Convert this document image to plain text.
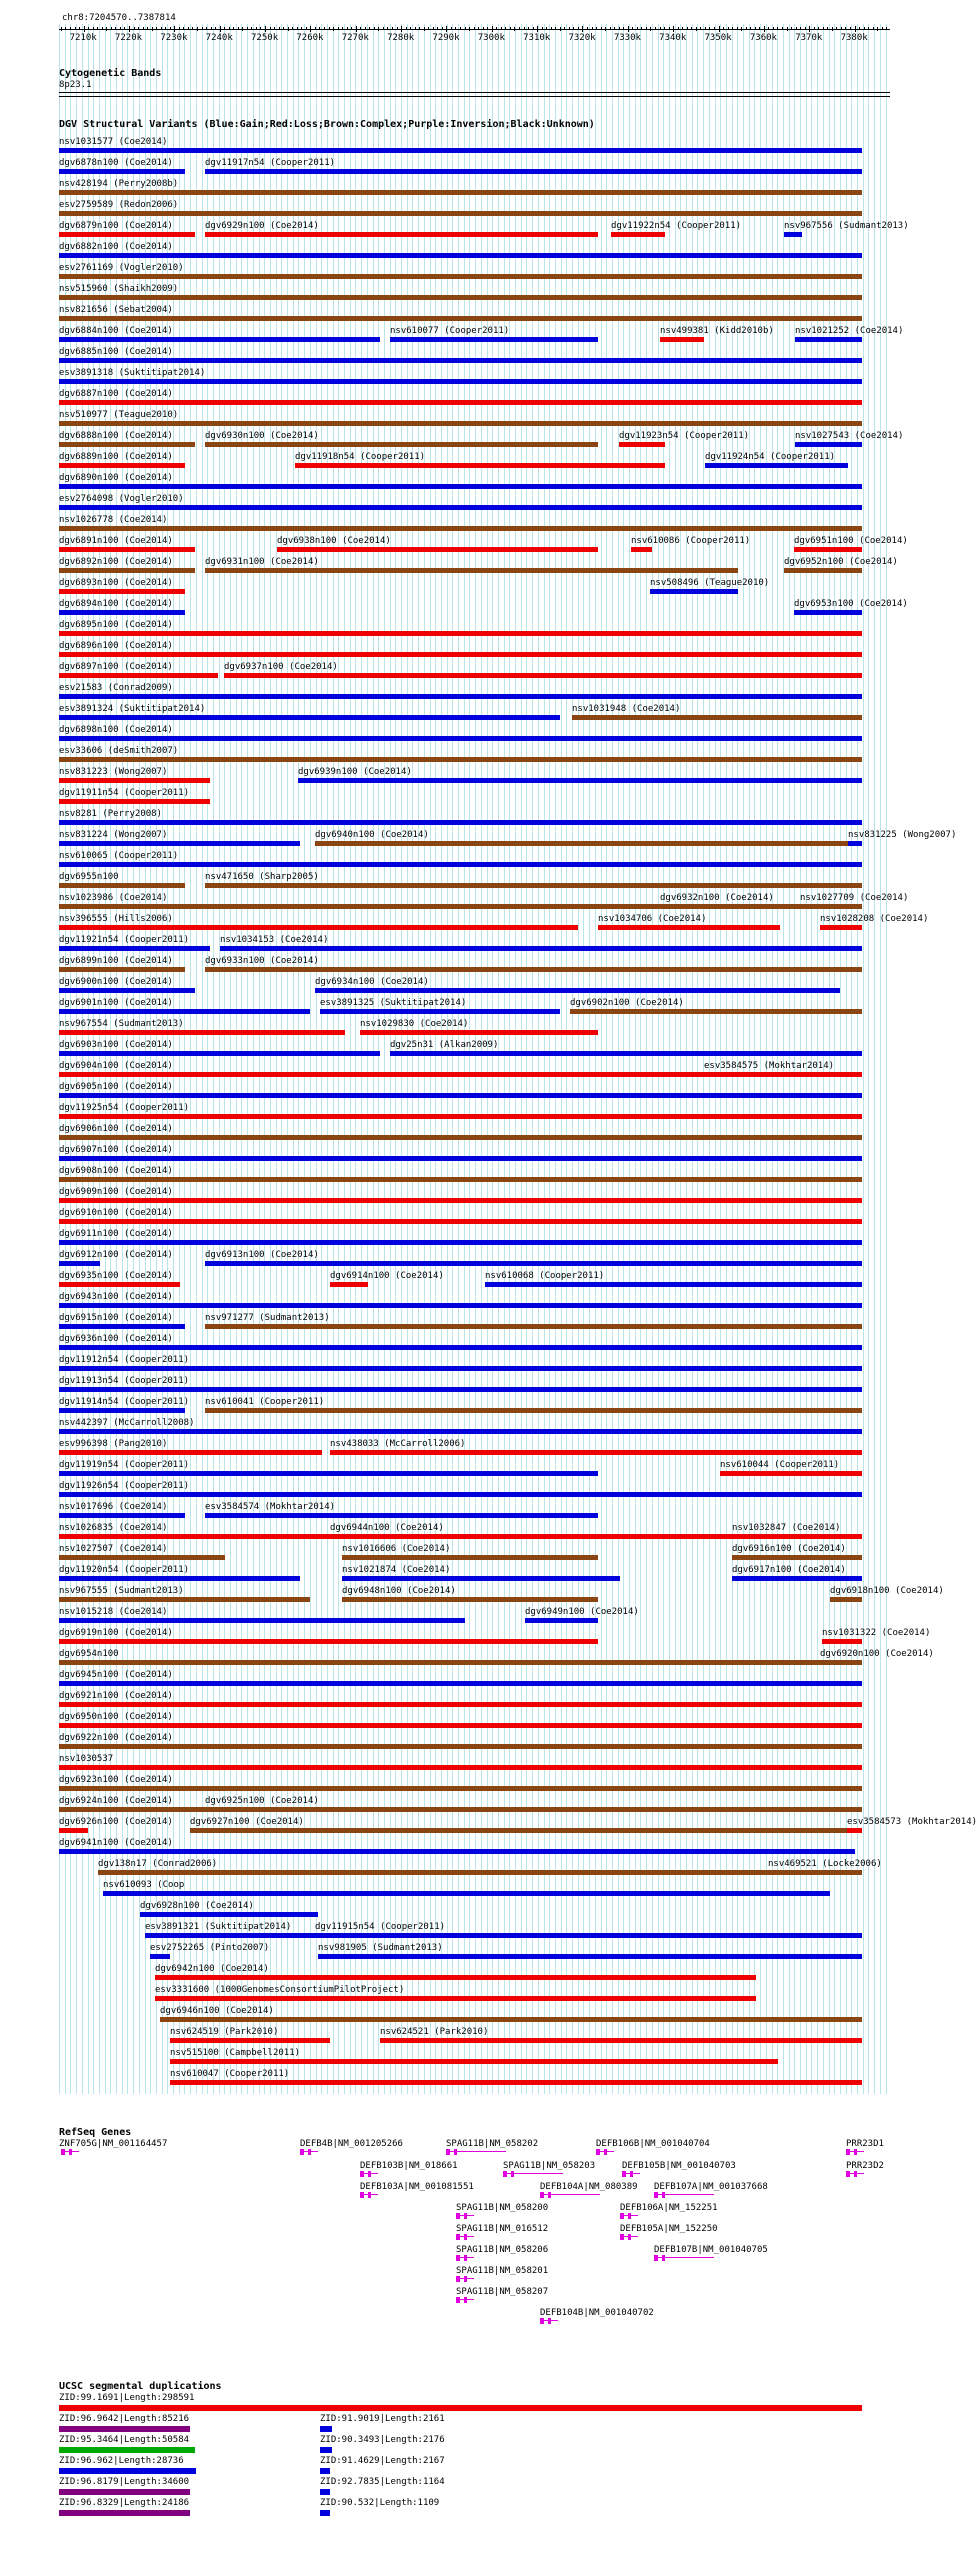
chr8:7204570..7387814
7210k 7220k 7230k 7240k 7250k 7260k 7270k 7280k 7290k 7300k 7310k 7320k 7330k 7340k 7350k 7360k 7370k 7380k
Cytogenetic Bands
8p23.1
DGV Structural Variants (Blue:Gain;Red:Loss;Brown:Complex;Purple:Inversion;Black:Unknown)
nsv1031577 (Coe2014)
dgv6878n100 (Coe2014)	dgv11917n54 (Cooper2011)
nsv428194 (Perry2008b)
esv2759589 (Redon2006)
dgv6879n100 (Coe2014)	dgv6929n100 (Coe2014)	dgv11922n54 (Cooper2011)	nsv967556 (Sudmant2013)
dgv6882n100 (Coe2014)
esv2761169 (Vogler2010)
nsv515960 (Shaikh2009)
nsv821656 (Sebat2004)
dgv6884n100 (Coe2014)	nsv610077 (Cooper2011)	nsv499381 (Kidd2010b) nsv1021252 (Coe2014)
dgv6885n100 (Coe2014)
esv3891318 (Suktitipat2014)
dgv6887n100 (Coe2014)
nsv510977 (Teague2010)
dgv6888n100 (Coe2014)	dgv6930n100 (Coe2014)	dgv11923n54 (Cooper2011)	nsv1027543 (Coe2014)
dgv6889n100 (Coe2014)	dgv11918n54 (Cooper2011)	dgv11924n54 (Cooper2011)
dgv6890n100 (Coe2014)
esv2764098 (Vogler2010)
nsv1026778 (Coe2014)
dgv6891n100 (Coe2014)	dgv6938n100 (Coe2014)	nsv610086 (Cooper2011)	dgv6951n100 (Coe2014)
dgv6892n100 (Coe2014)	dgv6931n100 (Coe2014)	dgv6952n100 (Coe2014)
dgv6893n100 (Coe2014)	nsv508496 (Teague2010)
dgv6894n100 (Coe2014)	dgv6953n100 (Coe2014)
dgv6895n100 (Coe2014)
dgv6896n100 (Coe2014)
dgv6897n100 (Coe2014)	dgv6937n100 (Coe2014)
esv21583 (Conrad2009)
esv3891324 (Suktitipat2014)	nsv1031948 (Coe2014)
dgv6898n100 (Coe2014)
esv33606 (deSmith2007)
nsv831223 (Wong2007)	dgv6939n100 (Coe2014)
dgv11911n54 (Cooper2011)
nsv8281 (Perry2008)
nsv831224 (Wong2007)	dgv6940n100 (Coe2014)	nsv831225 (Wong2007)
nsv610065 (Cooper2011)
dgv6955n100	nsv471650 (Sharp2005)
nsv1023986 (Coe2014)	dgv6932n100 (Coe2014)	nsv1027709 (Coe2014)
nsv396555 (Hills2006)	nsv1034706 (Coe2014)	nsv1028208 (Coe2014)
dgv11921n54 (Cooper2011)	nsv1034153 (Coe2014)
dgv6899n100 (Coe2014)	dgv6933n100 (Coe2014)
dgv6900n100 (Coe2014)	dgv6934n100 (Coe2014)
dgv6901n100 (Coe2014)	esv3891325 (Suktitipat2014)	dgv6902n100 (Coe2014)
nsv967554 (Sudmant2013)	nsv1029830 (Coe2014)
dgv6903n100 (Coe2014)	dgv25n31 (Alkan2009)
dgv6904n100 (Coe2014)	esv3584575 (Mokhtar2014)
dgv6905n100 (Coe2014)
dgv11925n54 (Cooper2011)
dgv6906n100 (Coe2014)
dgv6907n100 (Coe2014)
dgv6908n100 (Coe2014)
dgv6909n100 (Coe2014)
dgv6910n100 (Coe2014)
dgv6911n100 (Coe2014)
dgv6912n100 (Coe2014)	dgv6913n100 (Coe2014)
dgv6935n100 (Coe2014)	dgv6914n100 (Coe2014)	nsv610068 (Cooper2011)
dgv6943n100 (Coe2014)
dgv6915n100 (Coe2014)	nsv971277 (Sudmant2013)
dgv6936n100 (Coe2014)
dgv11912n54 (Cooper2011)
dgv11913n54 (Cooper2011)
dgv11914n54 (Cooper2011) nsv610041 (Cooper2011)
nsv442397 (McCarroll2008)
esv996398 (Pang2010)	nsv438033 (McCarroll2006)
dgv11919n54 (Cooper2011)	nsv610044 (Cooper2011)
dgv11926n54 (Cooper2011)
nsv1017696 (Coe2014)	esv3584574 (Mokhtar2014)
nsv1026835 (Coe2014)	dgv6944n100 (Coe2014)	nsv1032847 (Coe2014)
nsv1027507 (Coe2014)	nsv1016606 (Coe2014)	dgv6916n100 (Coe2014)
dgv11920n54 (Cooper2011)	nsv1021874 (Coe2014)	dgv6917n100 (Coe2014)
nsv967555 (Sudmant2013)	dgv6948n100 (Coe2014)	dgv6918n100 (Coe2014)
nsv1015218 (Coe2014)	dgv6949n100 (Coe2014)
dgv6919n100 (Coe2014)	nsv1031322 (Coe2014)
dgv6954n100	dgv6920n100 (Coe2014)
dgv6945n100 (Coe2014)
dgv6921n100 (Coe2014)
dgv6950n100 (Coe2014)
dgv6922n100 (Coe2014)
nsv1030537
dgv6923n100 (Coe2014)
dgv6924n100 (Coe2014)	dgv6925n100 (Coe2014)
dgv6926n100 (Coe2014) dgv6927n100 (Coe2014)	esv3584573 (Mokhtar2014)
dgv6941n100 (Coe2014)
dgv138n17 (Conrad2006)	nsv469521 (Locke2006)
nsv610093 (Coop
dgv6928n100 (Coe2014)
esv3891321 (Suktitipat2014)	dgv11915n54 (Cooper2011)
esv2752265 (Pinto2007)	nsv981905 (Sudmant2013)
dgv6942n100 (Coe2014)
esv3331600 (1000GenomesConsortiumPilotProject)
dgv6946n100 (Coe2014)
nsv624519 (Park2010)	nsv624521 (Park2010)
nsv515100 (Campbell2011)
nsv610047 (Cooper2011)
RefSeq Genes
ZNF705G|NM_001164457	DEFB4B|NM_001205266	SPAG11B|NM_058202	DEFB106B|NM_001040704	PRR23D1
DEFB103B|NM_018661	SPAG11B|NM_058203	DEFB105B|NM_001040703	PRR23D2
DEFB103A|NM_001081551	DEFB104A|NM_080389 DEFB107A|NM_001037668
SPAG11B|NM_058200	DEFB106A|NM_152251
SPAG11B|NM_016512	DEFB105A|NM_152250
SPAG11B|NM_058206	DEFB107B|NM_001040705
SPAG11B|NM_058201
SPAG11B|NM_058207
DEFB104B|NM_001040702
UCSC segmental duplications
ZID:99.1691|Length:298591
ZID:96.9642|Length:85216	ZID:91.9019|Length:2161
ZID:95.3464|Length:50584	ZID:90.3493|Length:2176
ZID:96.962|Length:28736	ZID:91.4629|Length:2167
ZID:96.8179|Length:34600	ZID:92.7835|Length:1164
ZID:96.8329|Length:24186	ZID:90.532|Length:1109
